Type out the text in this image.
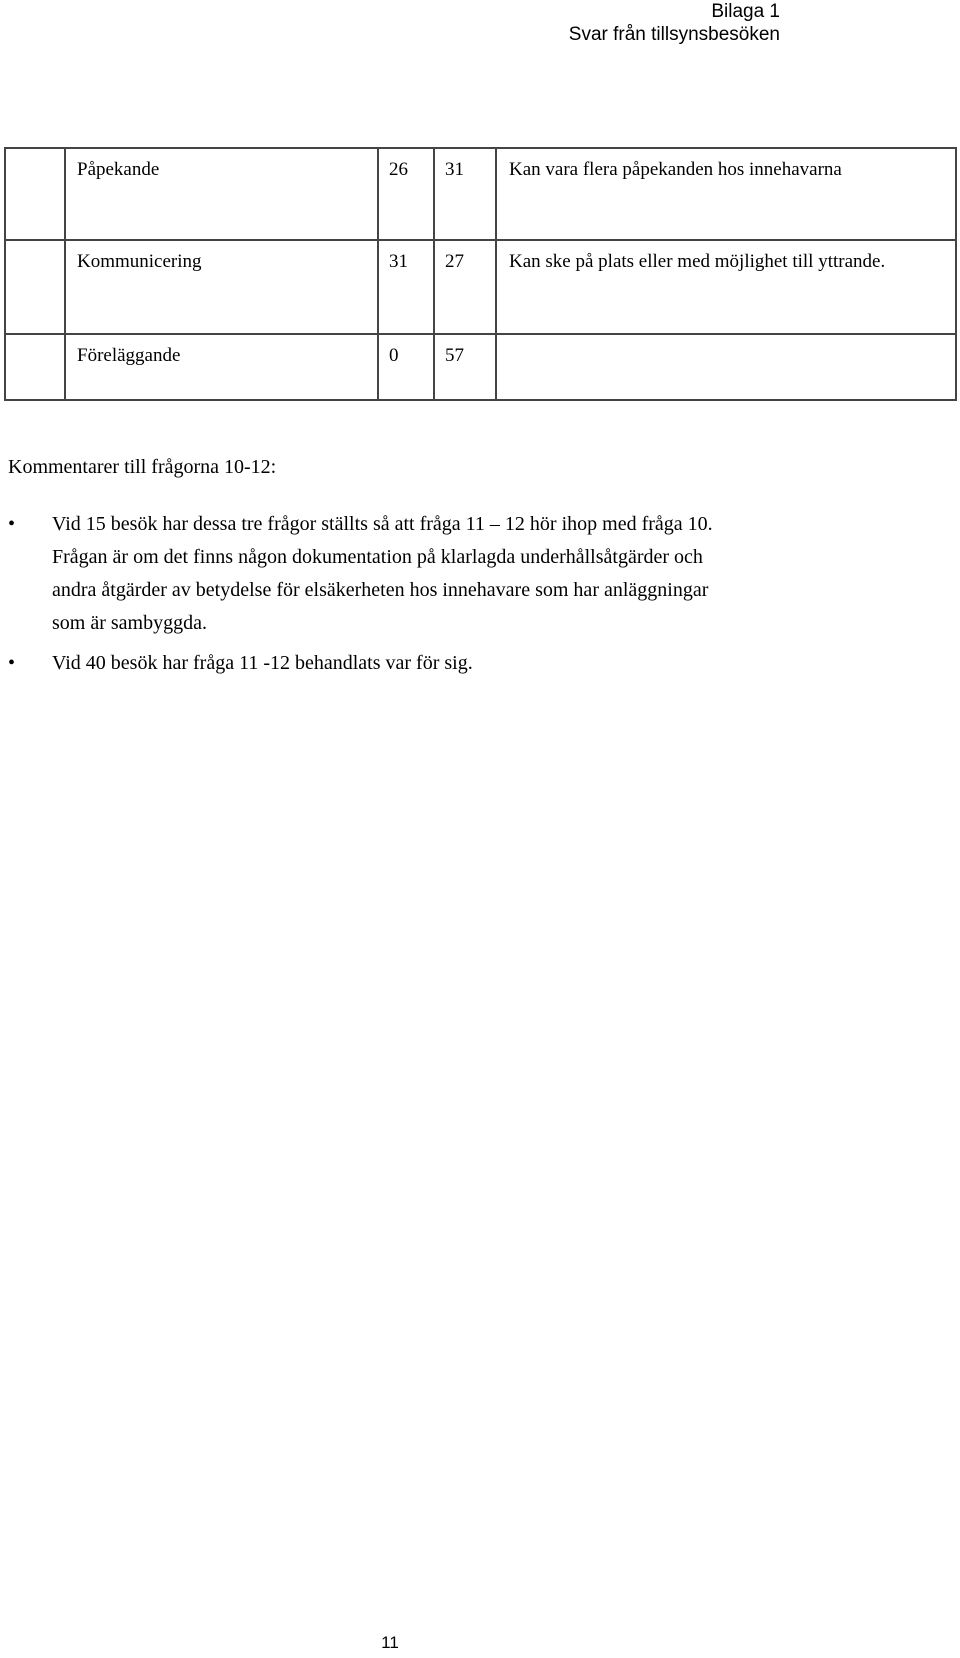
Bilaga 1
Svar från tillsynsbesöken
	Påpekande	26	31	Kan vara flera påpekanden hos innehavarna
	Kommunicering	31	27	Kan ske på plats eller med möjlighet till yttrande.
	Föreläggande	0	57	
Kommentarer till frågorna 10-12:
• Vid 15 besök har dessa tre frågor ställts så att fråga 11 – 12 hör ihop med fråga 10. Frågan är om det finns någon dokumentation på klarlagda underhållsåtgärder och andra åtgärder av betydelse för elsäkerheten hos innehavare som har anläggningar som är sambyggda.
• Vid 40 besök har fråga 11 -12 behandlats var för sig.
11
